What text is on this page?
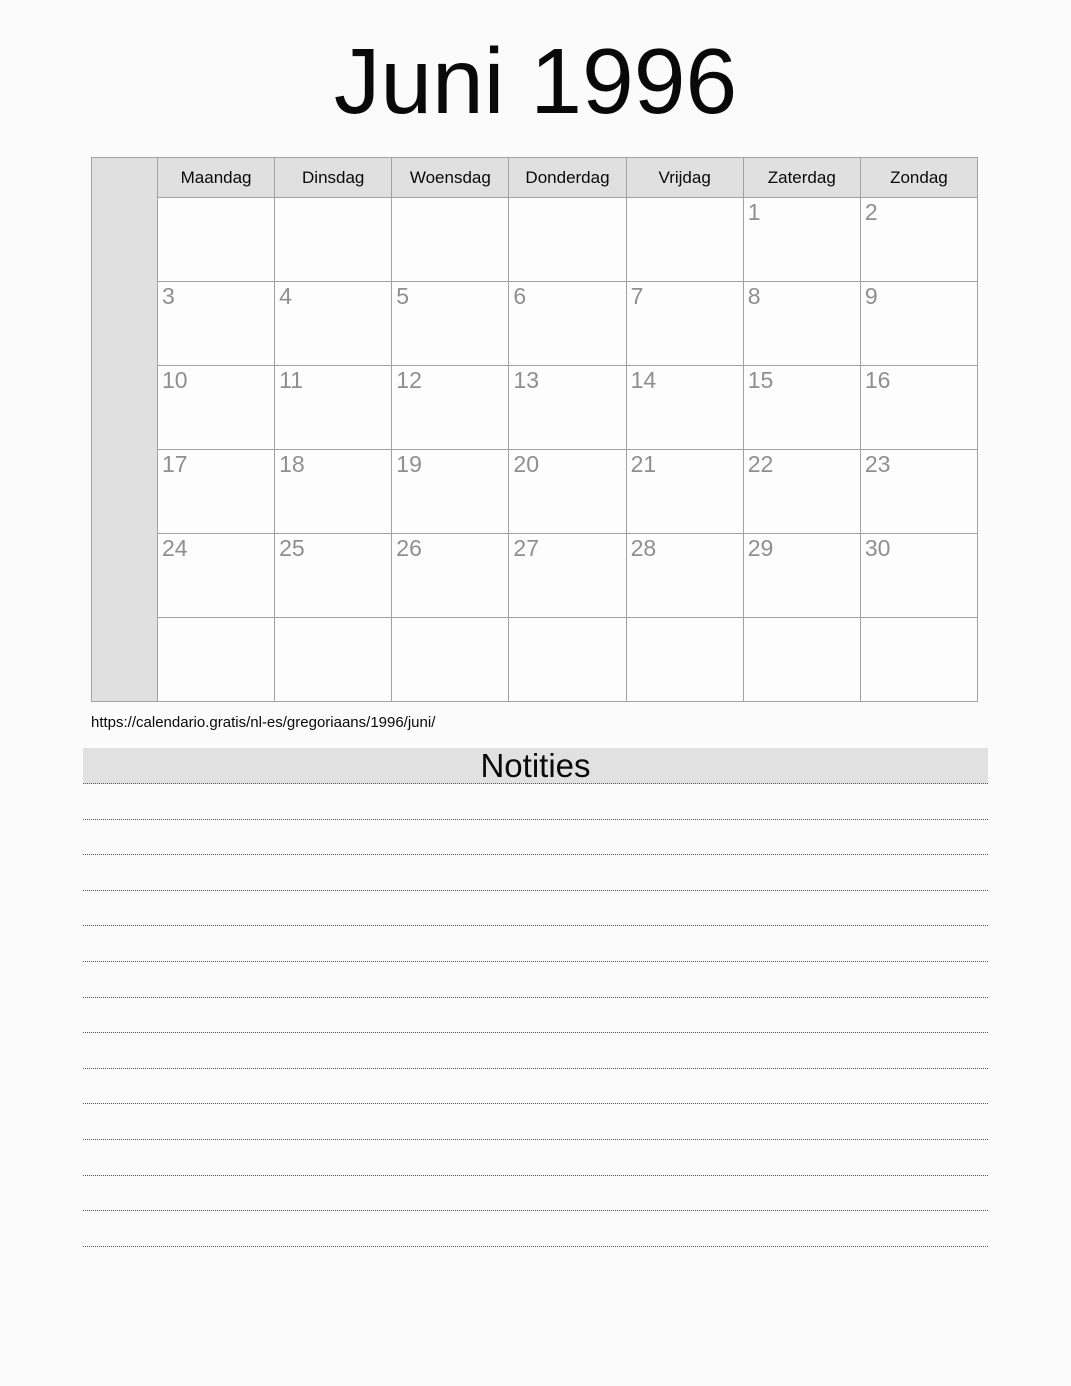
Juni 1996
	Maandag	Dinsdag	Woensdag	Donderdag	Vrijdag	Zaterdag	Zondag
						1	2
	3	4	5	6	7	8	9
	10	11	12	13	14	15	16
	17	18	19	20	21	22	23
	24	25	26	27	28	29	30

https://calendario.gratis/nl-es/gregoriaans/1996/juni/
Notities
